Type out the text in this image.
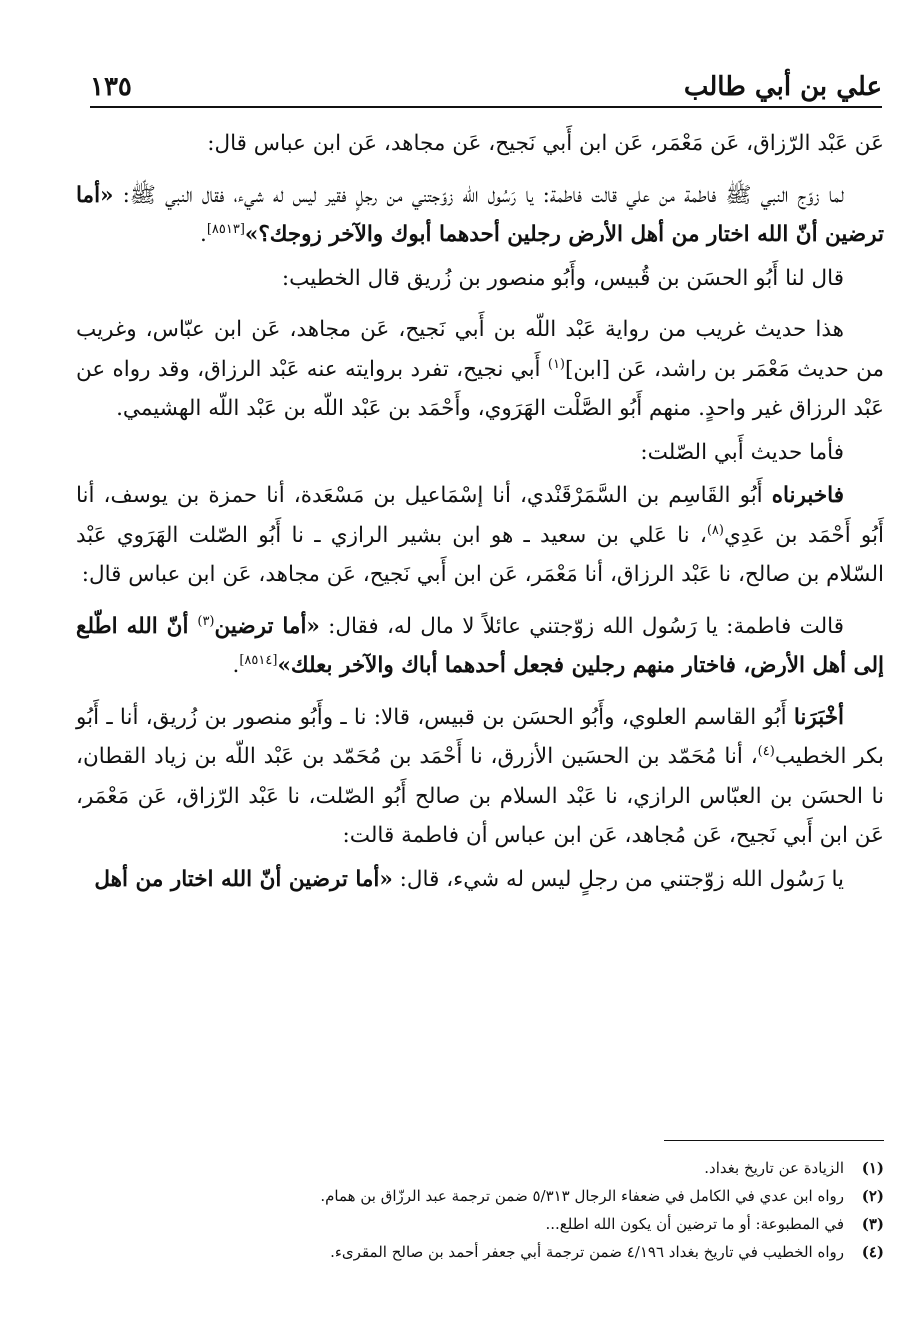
علي بن أبي طالب
١٣٥

عَن عَبْد الرّزاق، عَن مَعْمَر، عَن ابن أَبي نَجيح، عَن مجاهد، عَن ابن عباس قال:

لما زوّج النبي ﷺ فاطمة من علي قالت فاطمة: يا رَسُول الله زوّجتني من رجلٍ فقير ليس له شيء، فقال النبي ﷺ: «أما ترضين أنّ الله اختار من أهل الأرض رجلين أحدهما أبوك والآخر زوجك؟»[٨٥١٣].

قال لنا أَبُو الحسَن بن قُبيس، وأَبُو منصور بن زُريق قال الخطيب:

هذا حديث غريب من رواية عَبْد اللّه بن أَبي نَجيح، عَن مجاهد، عَن ابن عبّاس، وغريب من حديث مَعْمَر بن راشد، عَن [ابن]$^{(١)}$ أَبي نجيح، تفرد بروايته عنه عَبْد الرزاق، وقد رواه عن عَبْد الرزاق غير واحدٍ. منهم أَبُو الصَّلْت الهَرَوي، وأَحْمَد بن عَبْد اللّه بن عَبْد اللّه الهشيمي.

فأما حديث أَبي الصّلت:

فاخبرناه أَبُو القَاسِم بن السَّمَرْقَنْدي، أنا إسْمَاعيل بن مَسْعَدة، أنا حمزة بن يوسف، أنا أَبُو أَحْمَد بن عَدِي$^{(٨)}$، نا عَلي بن سعيد ـ هو ابن بشير الرازي ـ نا أَبُو الصّلت الهَرَوي عَبْد السّلام بن صالح، نا عَبْد الرزاق، أنا مَعْمَر، عَن ابن أَبي نَجيح، عَن مجاهد، عَن ابن عباس قال:

قالت فاطمة: يا رَسُول الله زوّجتني عائلاً لا مال له، فقال: «أما ترضين$^{(٣)}$ أنّ الله اطّلع إلى أهل الأرض، فاختار منهم رجلين فجعل أحدهما أباك والآخر بعلك»[٨٥١٤].

أخْبَرَنا أَبُو القاسم العلوي، وأَبُو الحسَن بن قبيس، قالا: نا ـ وأَبُو منصور بن زُريق، أنا ـ أَبُو بكر الخطيب$^{(٤)}$، أنا مُحَمّد بن الحسَين الأزرق، نا أَحْمَد بن مُحَمّد بن عَبْد اللّه بن زياد القطان، نا الحسَن بن العبّاس الرازي، نا عَبْد السلام بن صالح أَبُو الصّلت، نا عَبْد الرّزاق، عَن مَعْمَر، عَن ابن أَبي نَجيح، عَن مُجاهد، عَن ابن عباس أن فاطمة قالت:

يا رَسُول الله زوّجتني من رجلٍ ليس له شيء، قال: «أما ترضين أنّ الله اختار من أهل

(١)
الزيادة عن تاريخ بغداد.
(٢)
رواه ابن عدي في الكامل في ضعفاء الرجال ٥/٣١٣ ضمن ترجمة عبد الرزّاق بن همام.
(٣)
في المطبوعة: أو ما ترضين أن يكون الله اطلع...
(٤)
رواه الخطيب في تاريخ بغداد ٤/١٩٦ ضمن ترجمة أبي جعفر أحمد بن صالح المقرىء.
